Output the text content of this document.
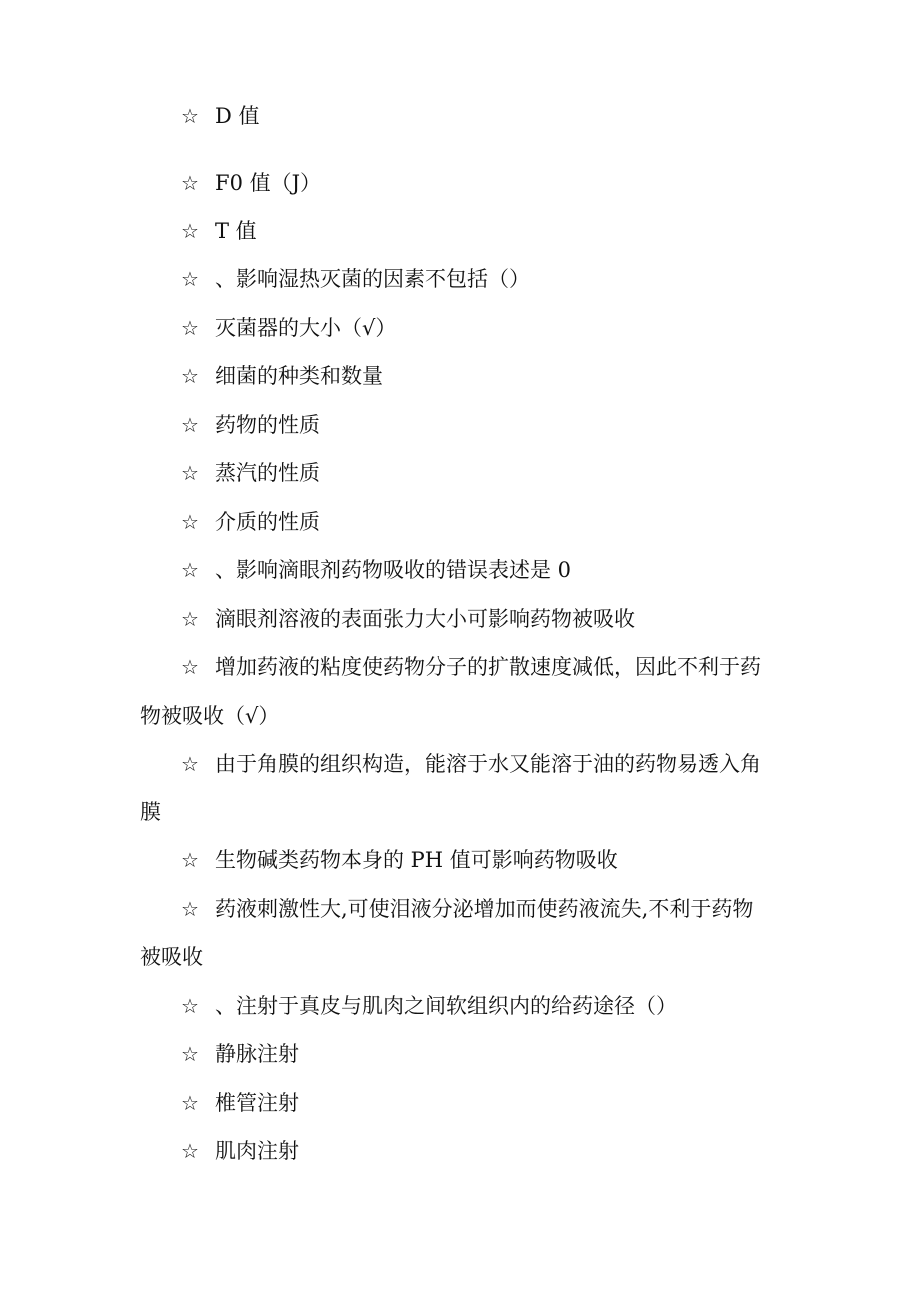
☆ D 值
☆ F0 值（J）
☆ T 值
☆ 、影响湿热灭菌的因素不包括（）
☆ 灭菌器的大小（√）
☆ 细菌的种类和数量
☆ 药物的性质
☆ 蒸汽的性质
☆ 介质的性质
☆ 、影响滴眼剂药物吸收的错误表述是 0
☆ 滴眼剂溶液的表面张力大小可影响药物被吸收
☆ 增加药液的粘度使药物分子的扩散速度减低，因此不利于药
物被吸收（√）
☆ 由于角膜的组织构造，能溶于水又能溶于油的药物易透入角
膜
☆ 生物碱类药物本身的 PH 值可影响药物吸收
☆ 药液刺激性大,可使泪液分泌增加而使药液流失,不利于药物
被吸收
☆ 、注射于真皮与肌肉之间软组织内的给药途径（）
☆ 静脉注射
☆ 椎管注射
☆ 肌肉注射
